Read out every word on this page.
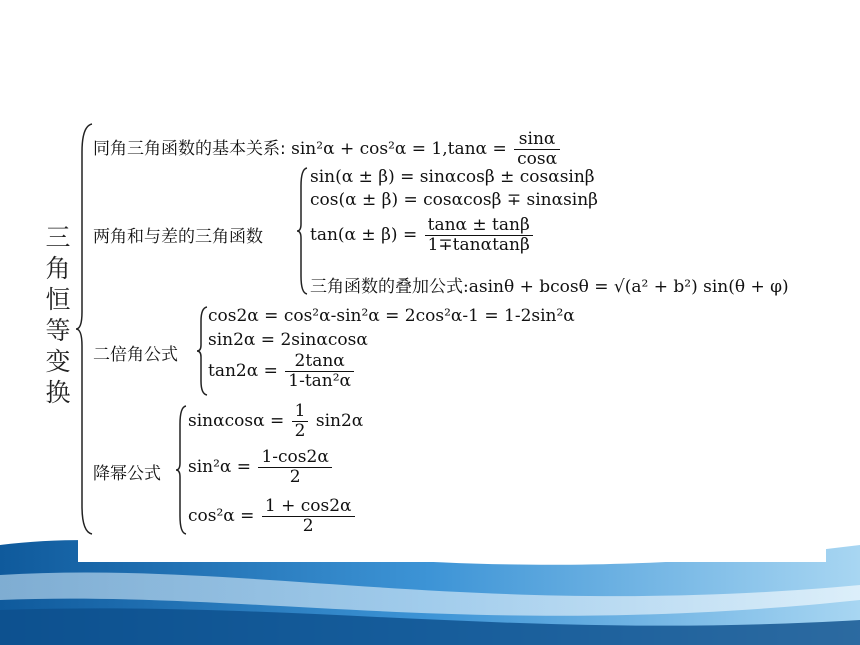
三
角
恒
等
变
换
同角三角函数的基本关系: $\sin^2\alpha + \cos^2\alpha = 1,\tan\alpha = \frac{\sin\alpha}{\cos\alpha}$
两角和与差的三角函数
sin(α ± β) = sinαcosβ ± cosαsinβ
cos(α ± β) = cosαcosβ ∓ sinαsinβ
$\tan(\alpha \pm \beta) = \frac{\tan\alpha \pm \tan\beta}{1\mp\tan\alpha\tan\beta}$
三角函数的叠加公式:asinθ + bcosθ = √(a² + b²) sin(θ + φ)
二倍角公式
cos2α = cos²α-sin²α = 2cos²α-1 = 1-2sin²α
sin2α = 2sinαcosα
$\tan 2\alpha = \frac{2\tan\alpha}{\text{1-tan²α}}$
降幂公式
$\sin\alpha\cos\alpha = \frac{1}{2} \sin 2\alpha$
$\sin^2\alpha = \frac{1-\cos 2\alpha}{2}$
$\cos^2\alpha = \frac{1 + \cos 2\alpha}{2}$
